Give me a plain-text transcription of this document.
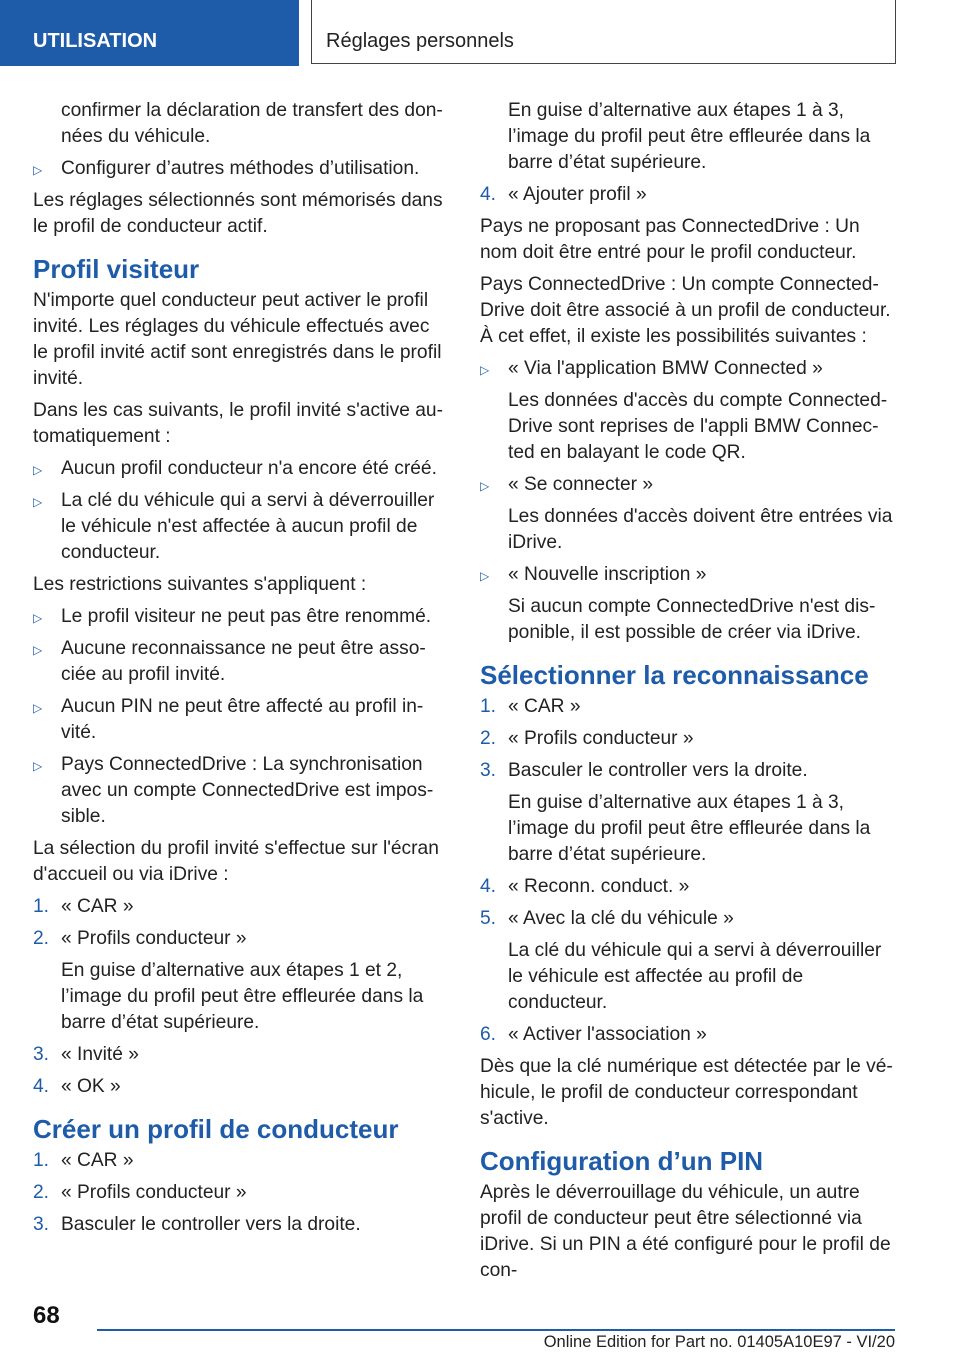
UTILISATION	Réglages personnels

confirmer la déclaration de transfert des données du véhicule.

▷ Configurer d’autres méthodes d’utilisation.

Les réglages sélectionnés sont mémorisés dans le profil de conducteur actif.

Profil visiteur

N'importe quel conducteur peut activer le profil invité. Les réglages du véhicule effectués avec le profil invité actif sont enregistrés dans le profil invité.

Dans les cas suivants, le profil invité s'active automatiquement :

▷ Aucun profil conducteur n'a encore été créé.
▷ La clé du véhicule qui a servi à déverrouiller le véhicule n'est affectée à aucun profil de conducteur.

Les restrictions suivantes s'appliquent :

▷ Le profil visiteur ne peut pas être renommé.
▷ Aucune reconnaissance ne peut être associée au profil invité.
▷ Aucun PIN ne peut être affecté au profil invité.
▷ Pays ConnectedDrive : La synchronisation avec un compte ConnectedDrive est impossible.

La sélection du profil invité s'effectue sur l'écran d'accueil ou via iDrive :

1. « CAR »
2. « Profils conducteur »
En guise d’alternative aux étapes 1 et 2, l’image du profil peut être effleurée dans la barre d’état supérieure.
3. « Invité »
4. « OK »
Créer un profil de conducteur
1. « CAR »
2. « Profils conducteur »
3. Basculer le controller vers la droite.

En guise d’alternative aux étapes 1 à 3, l’image du profil peut être effleurée dans la barre d’état supérieure.

4. « Ajouter profil »

Pays ne proposant pas ConnectedDrive : Un nom doit être entré pour le profil conducteur.

Pays ConnectedDrive : Un compte ConnectedDrive doit être associé à un profil de conducteur. À cet effet, il existe les possibilités suivantes :

▷ « Via l'application BMW Connected »
Les données d'accès du compte ConnectedDrive sont reprises de l'appli BMW Connected en balayant le code QR.
▷ « Se connecter »
Les données d'accès doivent être entrées via iDrive.
▷ « Nouvelle inscription »
Si aucun compte ConnectedDrive n'est disponible, il est possible de créer via iDrive.
Sélectionner la reconnaissance
1. « CAR »
2. « Profils conducteur »
3. Basculer le controller vers la droite.
En guise d’alternative aux étapes 1 à 3, l’image du profil peut être effleurée dans la barre d’état supérieure.
4. « Reconn. conduct. »
5. « Avec la clé du véhicule »
La clé du véhicule qui a servi à déverrouiller le véhicule est affectée au profil de conducteur.
6. « Activer l'association »

Dès que la clé numérique est détectée par le véhicule, le profil de conducteur correspondant s'active.

Configuration d’un PIN

Après le déverrouillage du véhicule, un autre profil de conducteur peut être sélectionné via iDrive. Si un PIN a été configuré pour le profil de con-

68
Online Edition for Part no. 01405A10E97 - VI/20
